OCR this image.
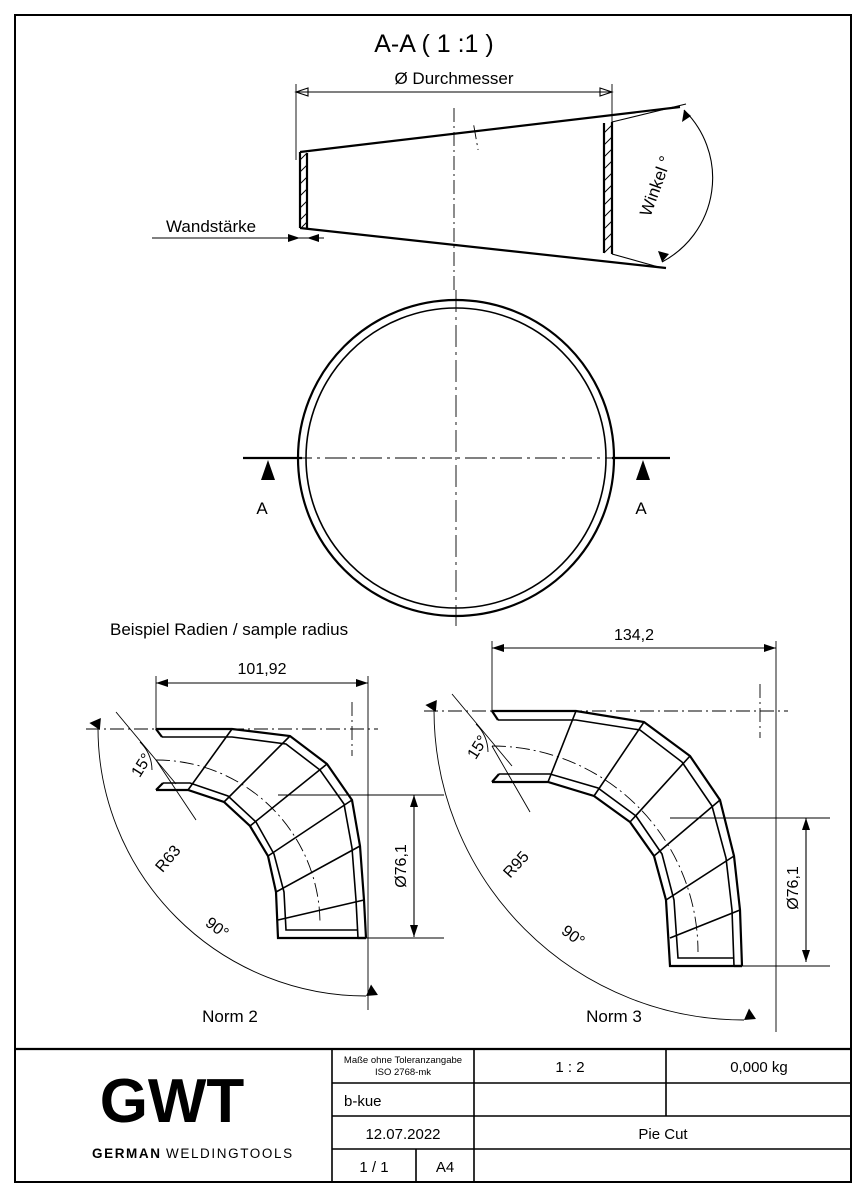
A-A ( 1 :1 )
Ø Durchmesser
Winkel °
Wandstärke
A	A
Beispiel Radien / sample radius
101,92
15°
R63
90°
Ø76,1
Norm 2
134,2
15°
R95
90°
Ø76,1
Norm 3
Maße ohne Toleranzangabe
ISO 2768-mk	1 : 2	0,000 kg
b-kue
12.07.2022	Pie Cut
1 / 1	A4
GWT
GERMAN WELDINGTOOLS
